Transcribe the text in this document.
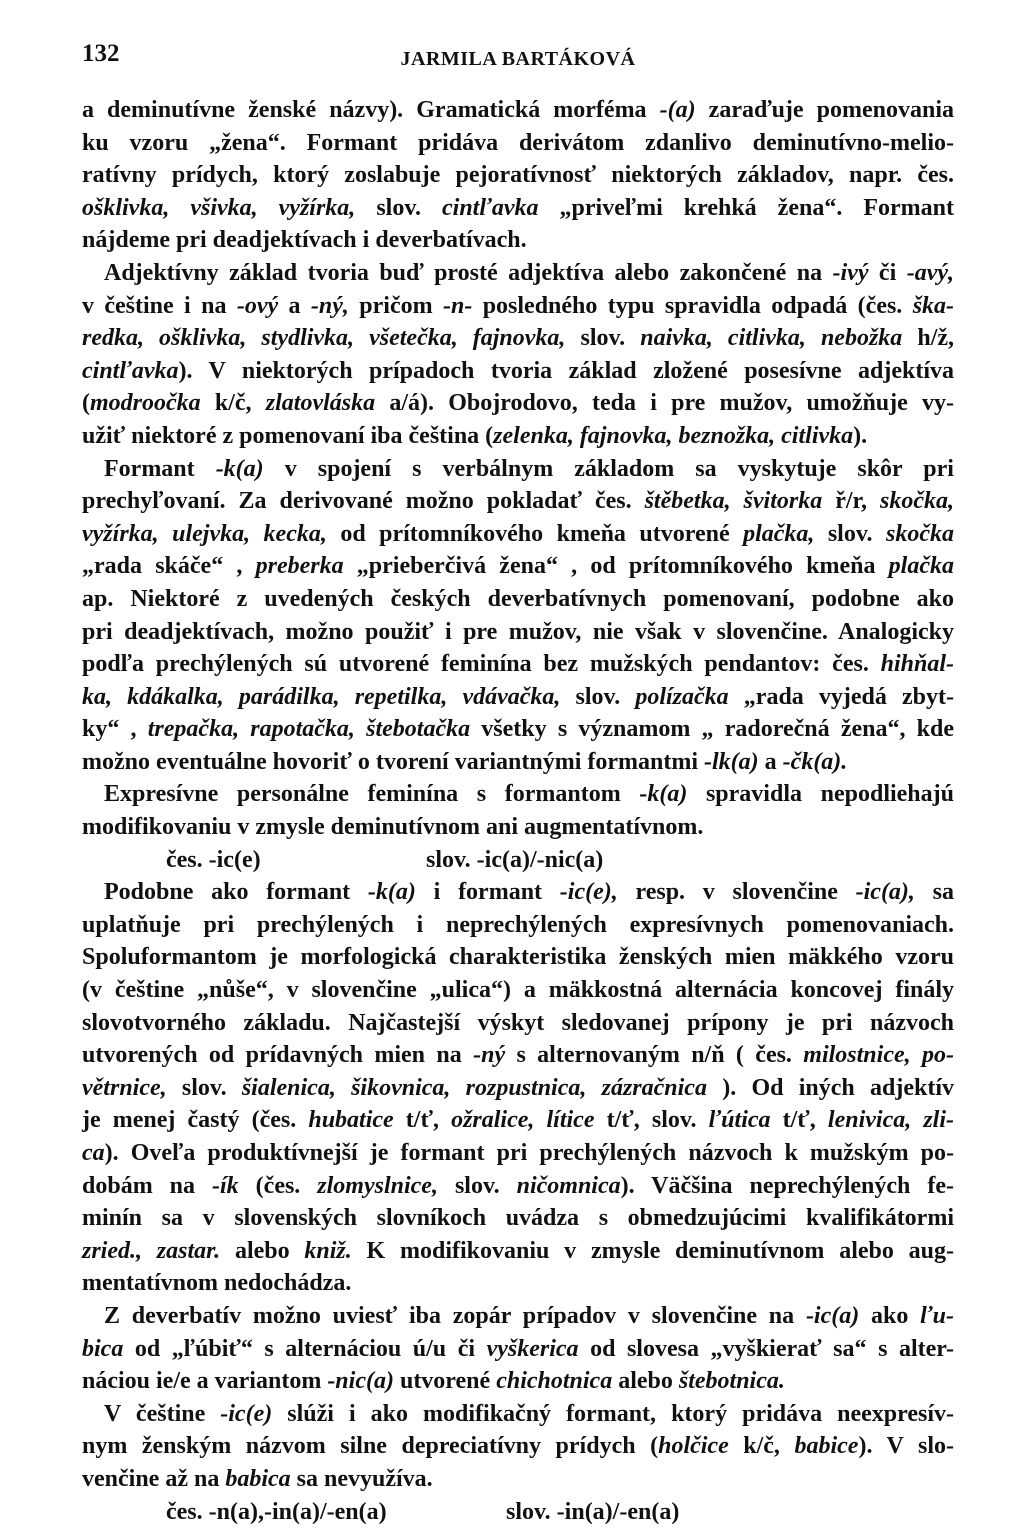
132	JARMILA BARTÁKOVÁ
a deminutívne ženské názvy). Gramatická morféma -(a) zaraďuje pomenovania
ku vzoru „žena“. Formant pridáva derivátom zdanlivo deminutívno-melio-
ratívny prídych, ktorý zoslabuje pejoratívnosť niektorých základov, napr. čes.
ošklivka, všivka, vyžírka, slov. cintľavka „priveľmi krehká žena“. Formant
nájdeme pri deadjektívach i deverbatívach.
Adjektívny základ tvoria buď prosté adjektíva alebo zakončené na -ivý či -avý,
v češtine i na -ový a -ný, pričom -n- posledného typu spravidla odpadá (čes. ška-
redka, ošklivka, stydlivka, všetečka, fajnovka, slov. naivka, citlivka, nebožka h/ž,
cintľavka). V niektorých prípadoch tvoria základ zložené posesívne adjektíva
(modroočka k/č, zlatovláska a/á). Obojrodovo, teda i pre mužov, umožňuje vy-
užiť niektoré z pomenovaní iba čeština (zelenka, fajnovka, beznožka, citlivka).
Formant -k(a) v spojení s verbálnym základom sa vyskytuje skôr pri
prechyľovaní. Za derivované možno pokladať čes. štěbetka, švitorka ř/r, skočka,
vyžírka, ulejvka, kecka, od prítomníkového kmeňa utvorené plačka, slov. skočka
„rada skáče“ , preberka „prieberčivá žena“ , od prítomníkového kmeňa plačka
ap. Niektoré z uvedených českých deverbatívnych pomenovaní, podobne ako
pri deadjektívach, možno použiť i pre mužov, nie však v slovenčine. Analogicky
podľa prechýlených sú utvorené feminína bez mužských pendantov: čes. hihňal-
ka, kdákalka, parádilka, repetilka, vdávačka, slov. polízačka „rada vyjedá zbyt-
ky“ , trepačka, rapotačka, štebotačka všetky s významom „ radorečná žena“, kde
možno eventuálne hovoriť o tvorení variantnými formantmi -lk(a) a -čk(a).
Expresívne personálne feminína s formantom -k(a) spravidla nepodliehajú
modifikovaniu v zmysle deminutívnom ani augmentatívnom.
čes. -ic(e)	slov. -ic(a)/-nic(a)
Podobne ako formant -k(a) i formant -ic(e), resp. v slovenčine -ic(a), sa
uplatňuje pri prechýlených i neprechýlených expresívnych pomenovaniach.
Spoluformantom je morfologická charakteristika ženských mien mäkkého vzoru
(v češtine „nůše“, v slovenčine „ulica“) a mäkkostná alternácia koncovej finály
slovotvorného základu. Najčastejší výskyt sledovanej prípony je pri názvoch
utvorených od prídavných mien na -ný s alternovaným n/ň ( čes. milostnice, po-
větrnice, slov. šialenica, šikovnica, rozpustnica, zázračnica ). Od iných adjektív
je menej častý (čes. hubatice t/ť, ožralice, lítice t/ť, slov. ľútica t/ť, lenivica, zli-
ca). Oveľa produktívnejší je formant pri prechýlených názvoch k mužským po-
dobám na -ík (čes. zlomyslnice, slov. ničomnica). Väčšina neprechýlených fe-
minín sa v slovenských slovníkoch uvádza s obmedzujúcimi kvalifikátormi
zried., zastar. alebo kniž. K modifikovaniu v zmysle deminutívnom alebo aug-
mentatívnom nedochádza.
Z deverbatív možno uviesť iba zopár prípadov v slovenčine na -ic(a) ako ľu-
bica od „ľúbiť“ s alternáciou ú/u či vyškerica od slovesa „vyškierať sa“ s alter-
náciou ie/e a variantom -nic(a) utvorené chichotnica alebo štebotnica.
V češtine -ic(e) slúži i ako modifikačný formant, ktorý pridáva neexpresív-
nym ženským názvom silne depreciatívny prídych (holčice k/č, babice). V slo-
venčine až na babica sa nevyužíva.
čes. -n(a),-in(a)/-en(a)	slov. -in(a)/-en(a)
